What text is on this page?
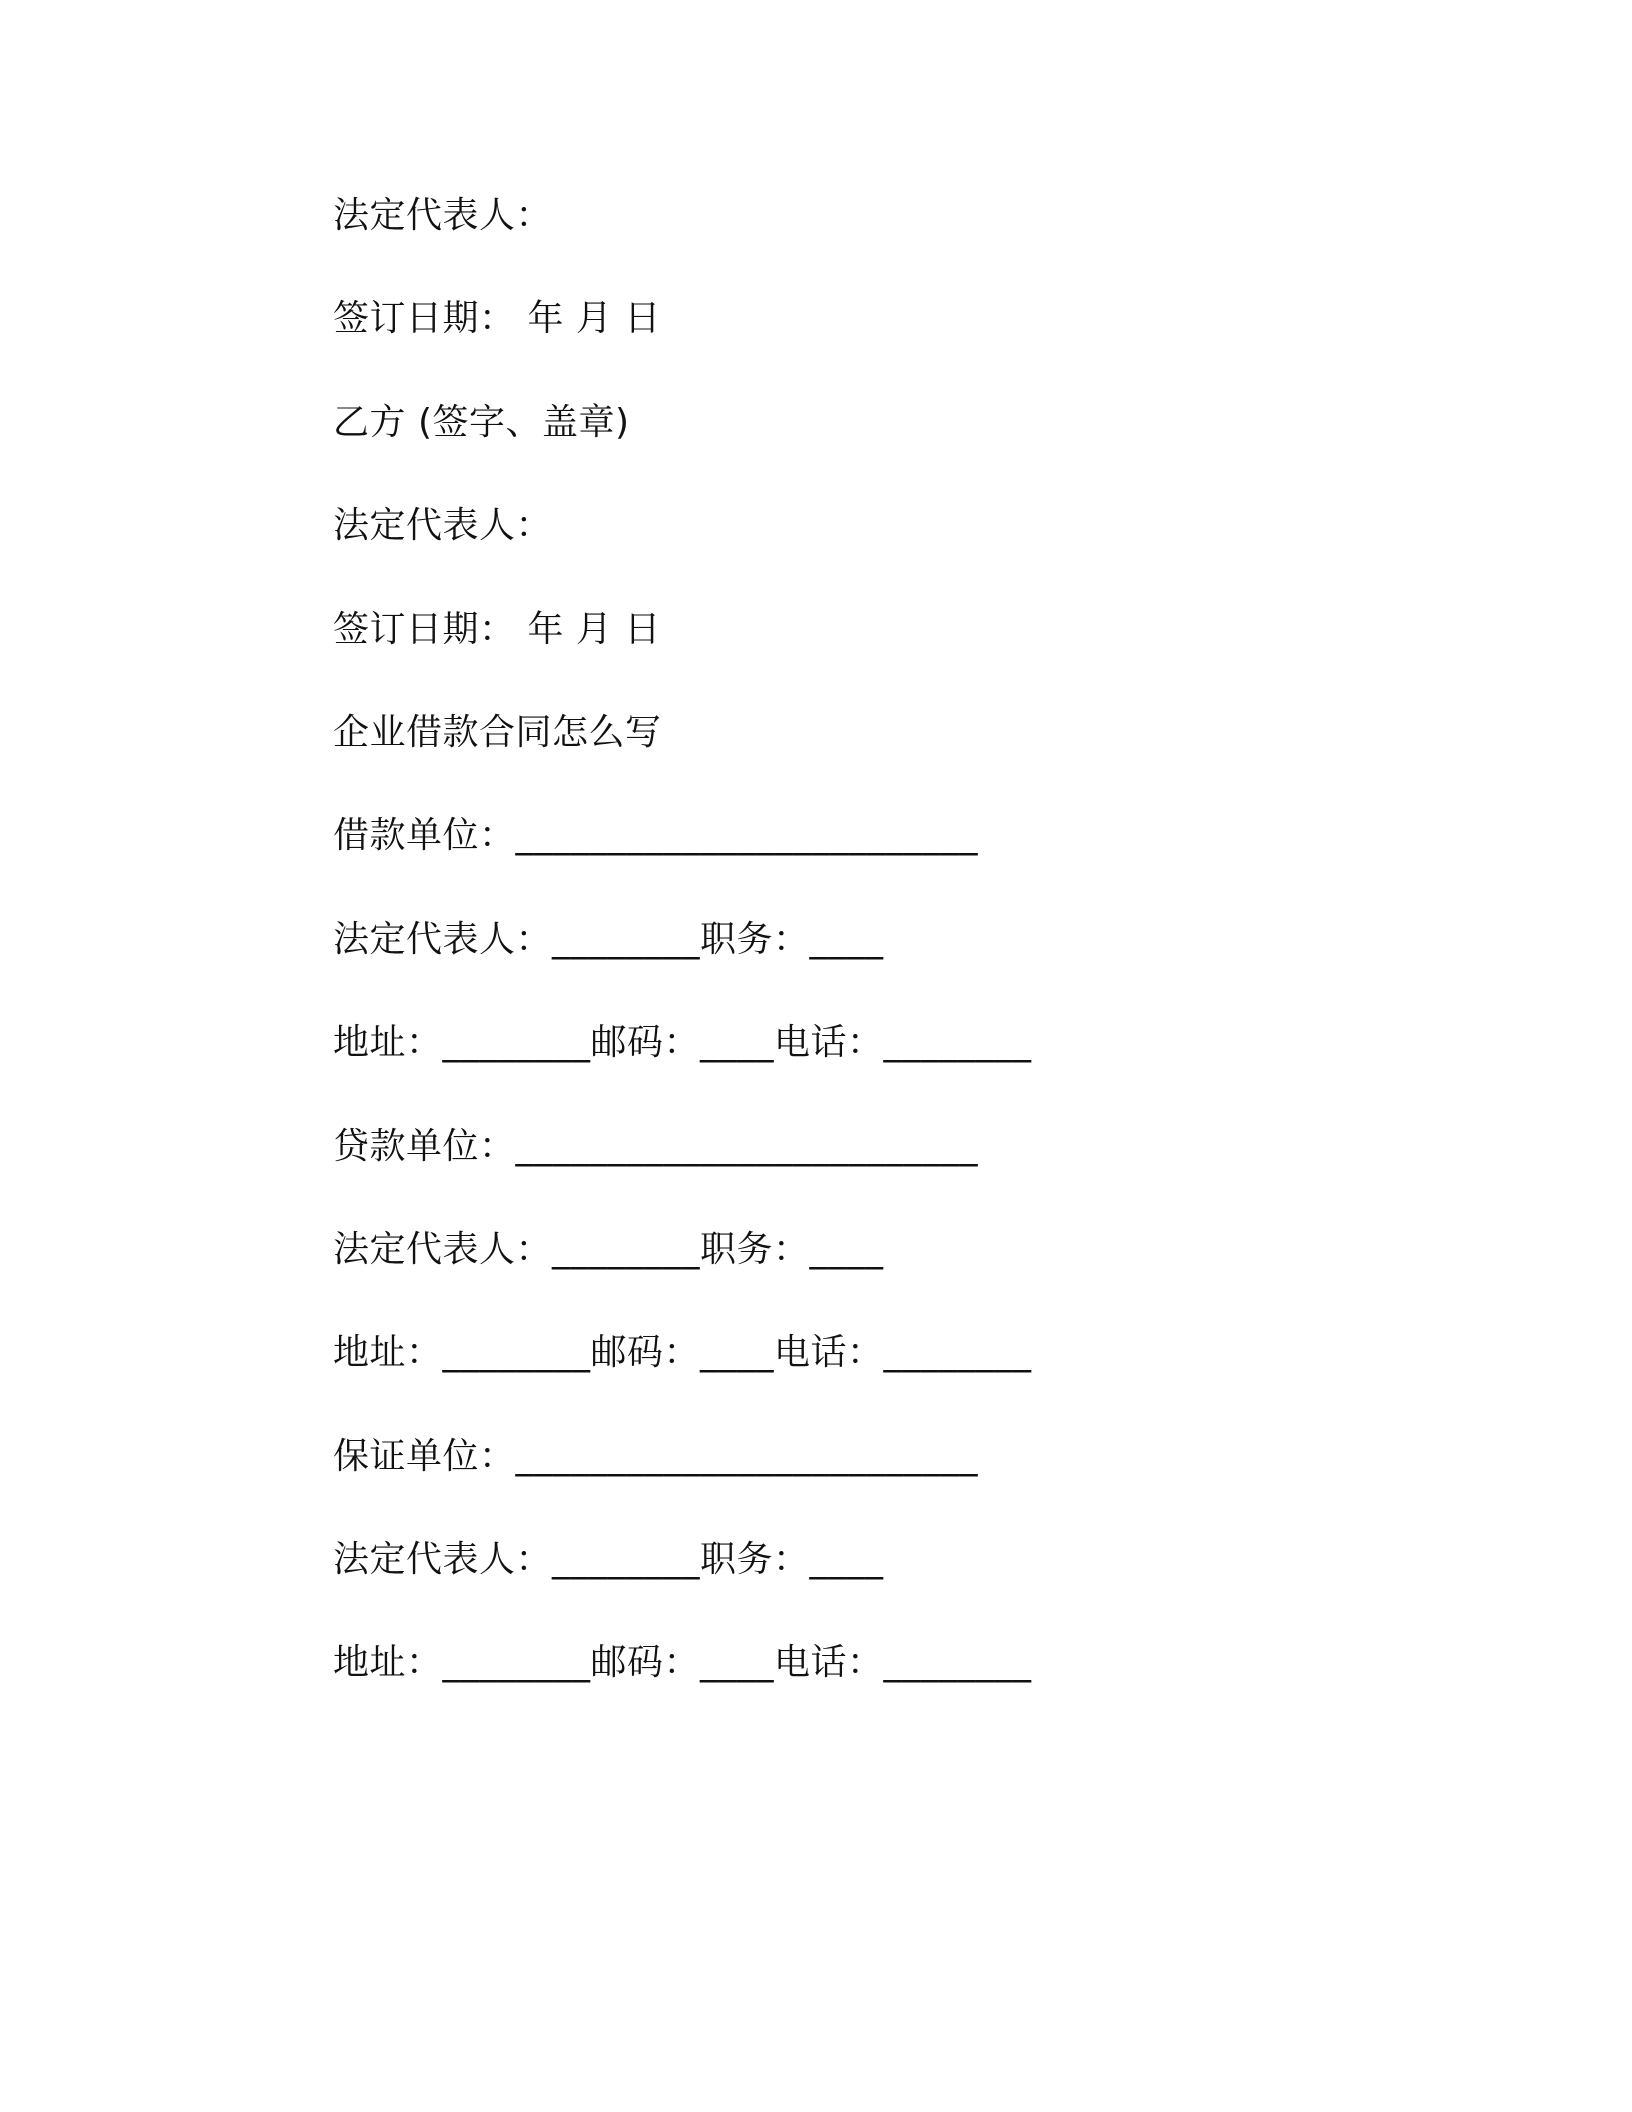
法定代表人：

签订日期： 年 月 日

乙方 (签字、盖章)

法定代表人：

签订日期： 年 月 日

企业借款合同怎么写

借款单位：_________________________

法定代表人：________职务：____

地址：________邮码：____电话：________

贷款单位：_________________________

法定代表人：________职务：____

地址：________邮码：____电话：________

保证单位：_________________________

法定代表人：________职务：____

地址：________邮码：____电话：________
